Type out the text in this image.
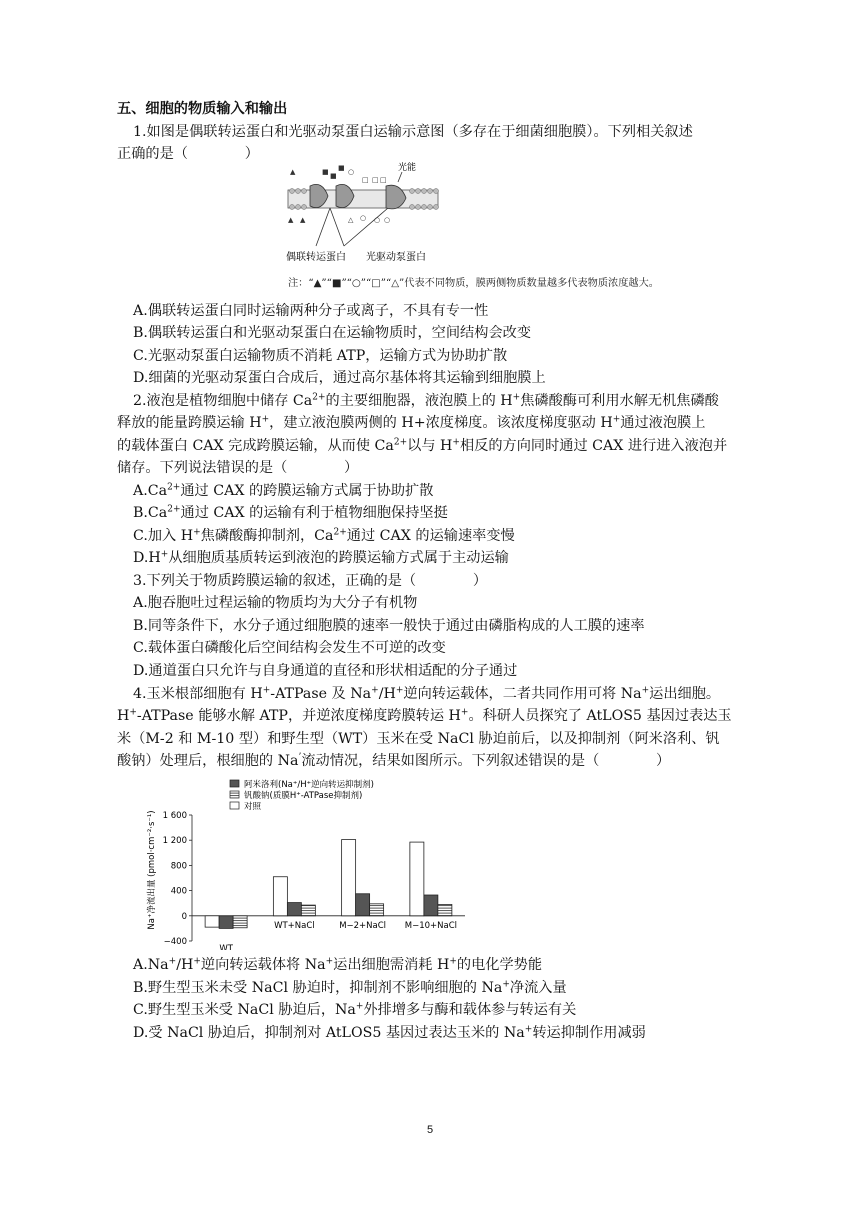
五、细胞的物质输入和输出
1.如图是偶联转运蛋白和光驱动泵蛋白运输示意图（多存在于细菌细胞膜）。下列相关叙述
正确的是（　　　　）
光能
▲	■ ■
■ ○
□ □ □
▲ ▲	△ ○ ○ ○
偶联转运蛋白 光驱动泵蛋白
注：“▲”“■”“○”“□”“△”代表不同物质，膜两侧物质数量越多代表物质浓度越大。
A.偶联转运蛋白同时运输两种分子或离子，不具有专一性
B.偶联转运蛋白和光驱动泵蛋白在运输物质时，空间结构会改变
C.光驱动泵蛋白运输物质不消耗 ATP，运输方式为协助扩散
D.细菌的光驱动泵蛋白合成后，通过高尔基体将其运输到细胞膜上
2.液泡是植物细胞中储存 $Ca^{2+}$的主要细胞器，液泡膜上的 H+焦磷酸酶可利用水解无机焦磷酸
释放的能量跨膜运输 H+，建立液泡膜两侧的 H+浓度梯度。该浓度梯度驱动 H+通过液泡膜上
的载体蛋白 CAX 完成跨膜运输，从而使 $Ca^{2+}$以与 H+相反的方向同时通过 CAX 进行进入液泡并
储存。下列说法错误的是（　　　　）
$A.Ca^{2+}$通过 CAX 的跨膜运输方式属于协助扩散
$B.Ca^{2+}$通过 CAX 的运输有利于植物细胞保持坚挺
C.加入 H+焦磷酸酶抑制剂，$Ca^{2+}$通过 CAX 的运输速率变慢
D.H+从细胞质基质转运到液泡的跨膜运输方式属于主动运输
3.下列关于物质跨膜运输的叙述，正确的是（　　　　）
A.胞吞胞吐过程运输的物质均为大分子有机物
B.同等条件下，水分子通过细胞膜的速率一般快于通过由磷脂构成的人工膜的速率
C.载体蛋白磷酸化后空间结构会发生不可逆的改变
D.通道蛋白只允许与自身通道的直径和形状相适配的分子通过
4.玉米根部细胞有 H+-ATPase 及 Na+/H+逆向转运载体，二者共同作用可将 Na+运出细胞。
H+-ATPase 能够水解 ATP，并逆浓度梯度跨膜转运 H+。科研人员探究了 AtLOS5 基因过表达玉
米（M-2 和 M-10 型）和野生型（WT）玉米在受 NaCl 胁迫前后，以及抑制剂（阿米洛利、钒
酸钠）处理后，根细胞的 Na’流动情况，结果如图所示。下列叙述错误的是（　　　　）
阿米洛利(Na⁺/H⁺逆向转运抑制剂)
钒酸钠(质膜H⁺-ATPase抑制剂)
对照
Na⁺净流出量 (pmol·cm⁻²·s⁻¹)
−400
0
400
800
1 200
1 600
WT
WT+NaCl	M−2+NaCl M−10+NaCl
A.Na+/H+逆向转运载体将 Na+运出细胞需消耗 H+的电化学势能
B.野生型玉米未受 NaCl 胁迫时，抑制剂不影响细胞的 Na+净流入量
C.野生型玉米受 NaCl 胁迫后，Na+外排增多与酶和载体参与转运有关
D.受 NaCl 胁迫后，抑制剂对 AtLOS5 基因过表达玉米的 Na+转运抑制作用减弱
5
